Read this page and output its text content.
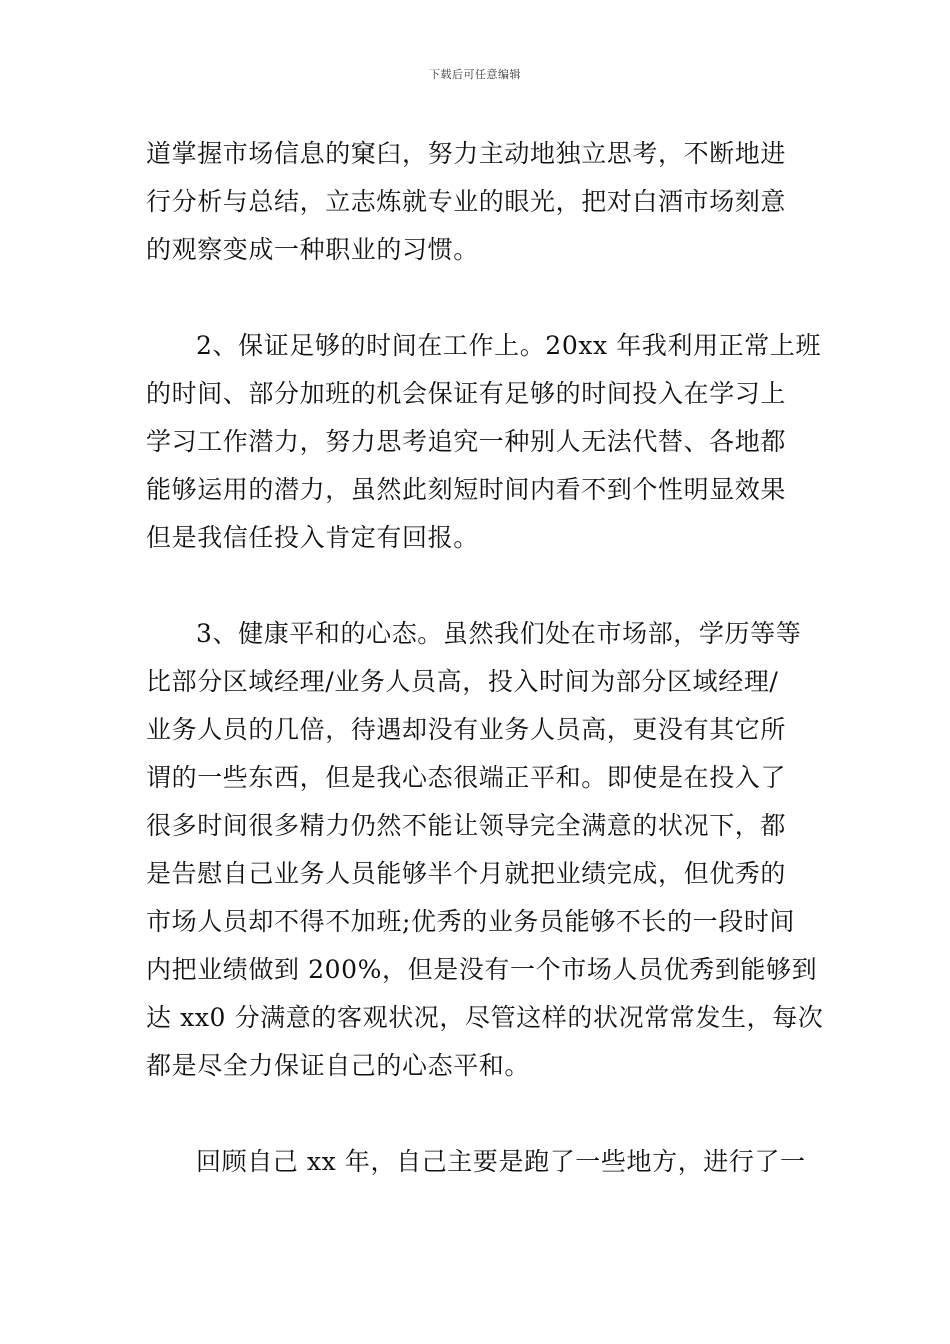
下载后可任意编辑
道掌握市场信息的窠臼，努力主动地独立思考，不断地进
行分析与总结，立志炼就专业的眼光，把对白酒市场刻意
的观察变成一种职业的习惯。
2、保证足够的时间在工作上。20xx 年我利用正常上班
的时间、部分加班的机会保证有足够的时间投入在学习上
学习工作潜力，努力思考追究一种别人无法代替、各地都
能够运用的潜力，虽然此刻短时间内看不到个性明显效果
但是我信任投入肯定有回报。
3、健康平和的心态。虽然我们处在市场部，学历等等
比部分区域经理/业务人员高，投入时间为部分区域经理/
业务人员的几倍，待遇却没有业务人员高，更没有其它所
谓的一些东西，但是我心态很端正平和。即使是在投入了
很多时间很多精力仍然不能让领导完全满意的状况下，都
是告慰自己业务人员能够半个月就把业绩完成，但优秀的
市场人员却不得不加班;优秀的业务员能够不长的一段时间
内把业绩做到 200%，但是没有一个市场人员优秀到能够到
达 xx0 分满意的客观状况，尽管这样的状况常常发生，每次
都是尽全力保证自己的心态平和。
回顾自己 xx 年，自己主要是跑了一些地方，进行了一
